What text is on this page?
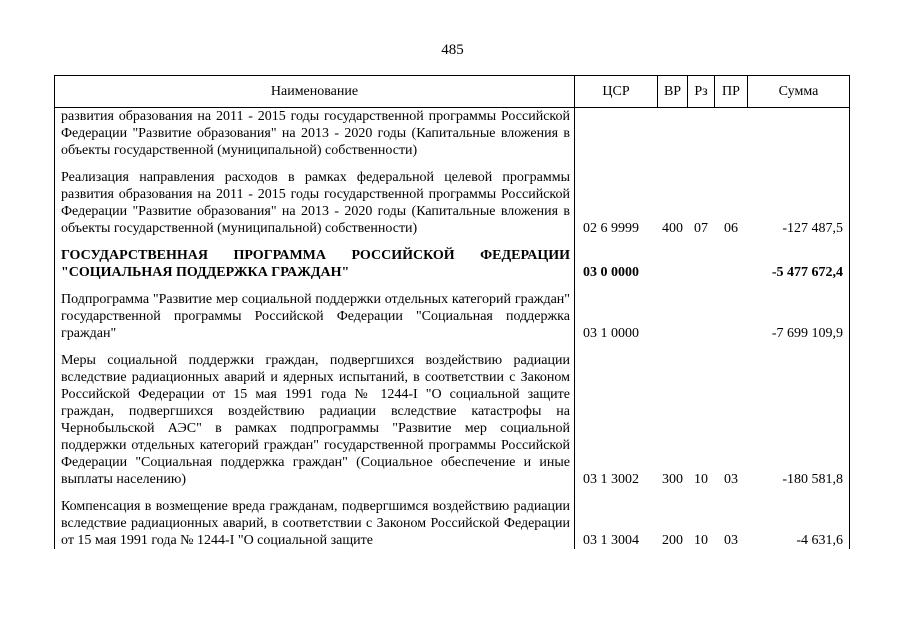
485
Наименование	ЦСР	ВР	Рз	ПР	Сумма
развития образования на 2011 - 2015 годы государственной программы Российской Федерации "Развитие образования" на 2013 - 2020 годы (Капитальные вложения в объекты государственной (муниципальной) собственности)					

Реализация направления расходов в рамках федеральной целевой программы развития образования на 2011 - 2015 годы государственной программы Российской Федерации "Развитие образования" на 2013 - 2020 годы (Капитальные вложения в объекты государственной (муниципальной) собственности)	02 6 9999	400	07	06	-127 487,5

ГОСУДАРСТВЕННАЯ ПРОГРАММА РОССИЙСКОЙ ФЕДЕРАЦИИ "СОЦИАЛЬНАЯ ПОДДЕРЖКА ГРАЖДАН"	03 0 0000				-5 477 672,4

Подпрограмма "Развитие мер социальной поддержки отдельных категорий граждан" государственной программы Российской Федерации "Социальная поддержка граждан"	03 1 0000				-7 699 109,9

Меры социальной поддержки граждан, подвергшихся воздействию радиации вследствие радиационных аварий и ядерных испытаний, в соответствии с Законом Российской Федерации от 15 мая 1991 года № 1244-I "О социальной защите граждан, подвергшихся воздействию радиации вследствие катастрофы на Чернобыльской АЭС" в рамках подпрограммы "Развитие мер социальной поддержки отдельных категорий граждан" государственной программы Российской Федерации "Социальная поддержка граждан" (Социальное обеспечение и иные выплаты населению)	03 1 3002	300	10	03	-180 581,8

Компенсация в возмещение вреда гражданам, подвергшимся воздействию радиации вследствие радиационных аварий, в соответствии с Законом Российской Федерации от 15 мая 1991 года № 1244-I "О социальной защите	03 1 3004	200	10	03	-4 631,6
